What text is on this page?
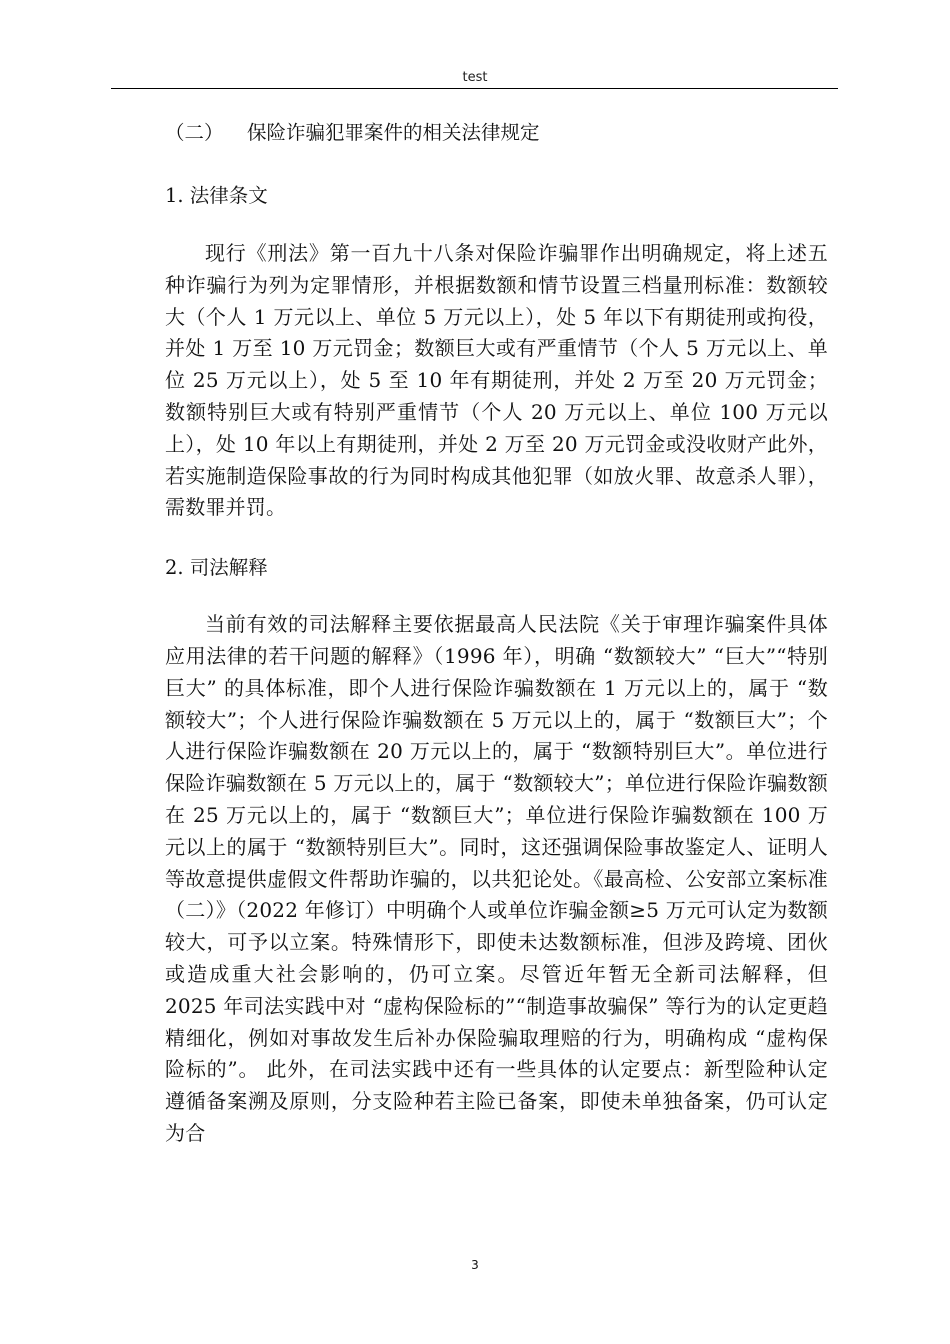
test

（二） 保险诈骗犯罪案件的相关法律规定

1. 法律条文

现行《刑法》第一百九十八条对保险诈骗罪作出明确规定，将上述五种诈骗行为列为定罪情形，并根据数额和情节设置三档量刑标准：数额较大（个人 1 万元以上、单位 5 万元以上），处 5 年以下有期徒刑或拘役，并处 1 万至 10 万元罚金；数额巨大或有严重情节（个人 5 万元以上、单位 25 万元以上），处 5 至 10 年有期徒刑，并处 2 万至 20 万元罚金；数额特别巨大或有特别严重情节（个人 20 万元以上、单位 100 万元以上），处 10 年以上有期徒刑，并处 2 万至 20 万元罚金或没收财产此外，若实施制造保险事故的行为同时构成其他犯罪（如放火罪、故意杀人罪），需数罪并罚。

2. 司法解释

当前有效的司法解释主要依据最高人民法院《关于审理诈骗案件具体应用法律的若干问题的解释》（1996 年），明确 “数额较大” “巨大”“特别巨大” 的具体标准，即个人进行保险诈骗数额在 1 万元以上的，属于 “数额较大”；个人进行保险诈骗数额在 5 万元以上的，属于 “数额巨大”；个人进行保险诈骗数额在 20 万元以上的，属于 “数额特别巨大”。单位进行保险诈骗数额在 5 万元以上的，属于 “数额较大”；单位进行保险诈骗数额在 25 万元以上的，属于 “数额巨大”；单位进行保险诈骗数额在 100 万元以上的属于 “数额特别巨大”。同时，这还强调保险事故鉴定人、证明人等故意提供虚假文件帮助诈骗的，以共犯论处。《最高检、公安部立案标准（二）》（2022 年修订）中明确个人或单位诈骗金额≥5 万元可认定为数额较大，可予以立案。特殊情形下，即使未达数额标准，但涉及跨境、团伙或造成重大社会影响的，仍可立案。尽管近年暂无全新司法解释，但 2025 年司法实践中对 “虚构保险标的”“制造事故骗保” 等行为的认定更趋精细化，例如对事故发生后补办保险骗取理赔的行为，明确构成 “虚构保险标的”。 此外，在司法实践中还有一些具体的认定要点：新型险种认定遵循备案溯及原则，分支险种若主险已备案，即使未单独备案，仍可认定为合

3
